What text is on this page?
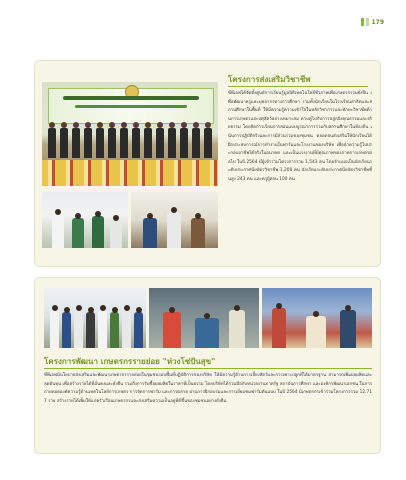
179
โครงการส่งเสริมวิชาชีพ
ซีพีเอฟได้จัดตั้งศูนย์การเรียนรู้มูลนิธิเทคโนโลยีชีวภาพเพื่อเกษตรกรรมยั่งยืน เพื่อพัฒนาครูและบุคลากรทางการศึกษา รวมทั้งนักเรียนในโรงเรียนสาธิตและสถานศึกษาในพื้นที่ ให้มีความรู้ความเข้าใจในหลักวิชาการและทักษะวิชาชีพด้านการเกษตรและปศุสัตว์อย่างเหมาะสม ควบคู่ไปกับการปลูกฝังคุณธรรมและจริยธรรม โดยจัดการเรียนการสอนแบบบูรณาการร่วมกับสถานศึกษาในท้องถิ่น เน้นการปฏิบัติจริงและการมีส่วนร่วมของชุมชน ตลอดจนส่งเสริมให้นักเรียนได้ฝึกประสบการณ์การทำงานในฟาร์มและโรงงานของบริษัท เพื่อนำความรู้ไปประกอบอาชีพได้จริงในอนาคต และเป็นแรงงานที่มีคุณภาพของภาคการเกษตรต่อไป ในปี 2564 มีผู้เข้าร่วมโครงการรวม 1,543 คน โดยจำแนกเป็นนักเรียนระดับประกาศนียบัตรวิชาชีพ 1,200 คน นักเรียนระดับประกาศนียบัตรวิชาชีพชั้นสูง 243 คน และครูผู้สอน 100 คน
โครงการพัฒนา เกษตรกรรายย่อย "ห่วงโซ่ปันสุข"
ซีพีเอฟมีนโยบายส่งเสริมและพัฒนาเกษตรกรรายย่อยในชุมชนรอบพื้นที่ปฏิบัติการของบริษัท ให้มีความรู้ด้านการเลี้ยงสัตว์และการเพาะปลูกที่ได้มาตรฐาน สามารถเพิ่มผลผลิตและลดต้นทุน เพื่อสร้างรายได้ที่มั่นคงและยั่งยืน รวมถึงการรับซื้อผลผลิตในราคาที่เป็นธรรม โดยบริษัทได้ร่วมมือกับหน่วยงานภาครัฐ สถาบันการศึกษา และองค์กรพัฒนาเอกชน ในการถ่ายทอดองค์ความรู้ด้านเทคโนโลยีการเกษตร การจัดการฟาร์ม และการตลาด ผ่านการฝึกอบรมและการเยี่ยมชมฟาร์มต้นแบบ ในปี 2564 มีเกษตรกรเข้าร่วมโครงการรวม 12,717 ราย สร้างรายได้เพิ่มให้แก่ครัวเรือนเกษตรกรและส่งเสริมความเป็นอยู่ที่ดีขึ้นของชุมชนอย่างยั่งยืน
